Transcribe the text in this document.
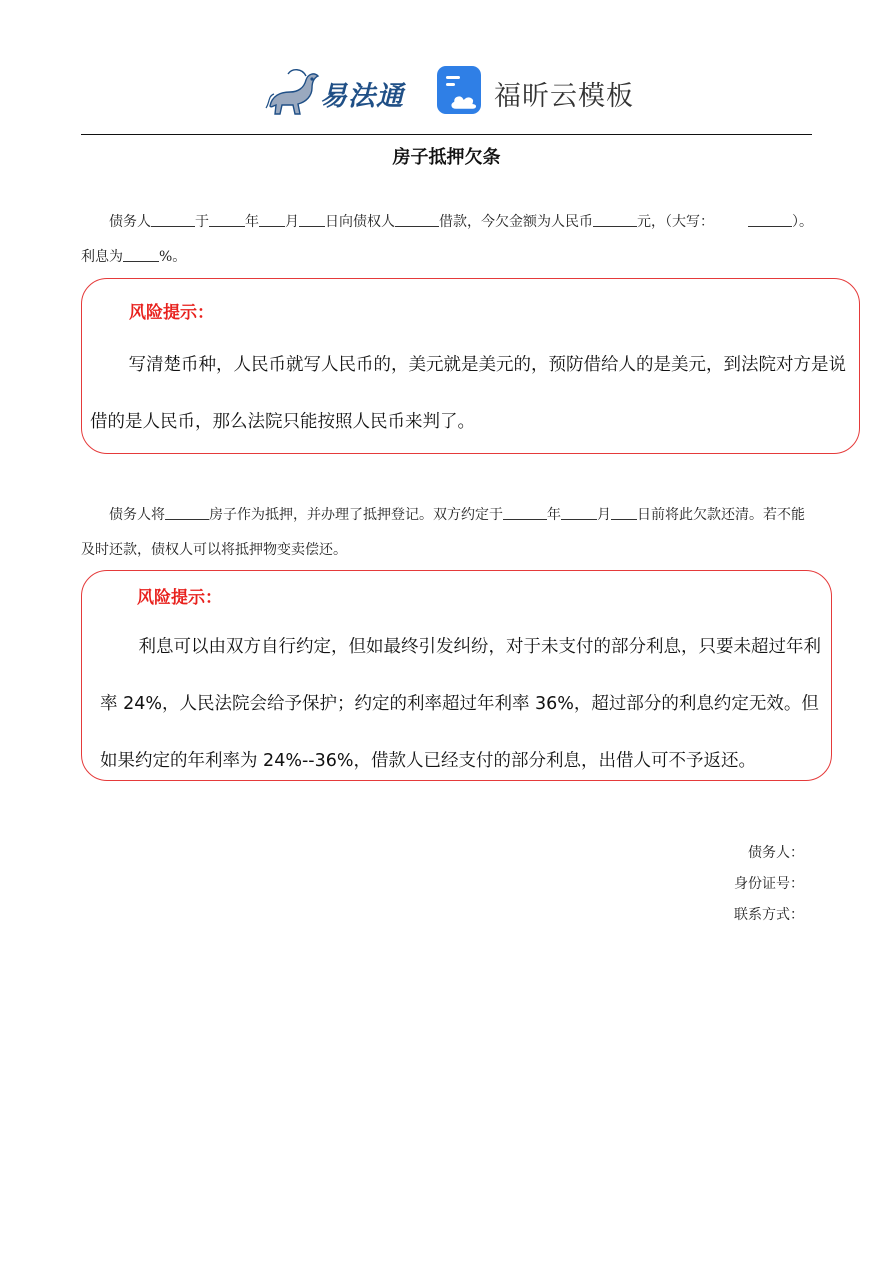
易法通	福昕云模板
房子抵押欠条
债务人	于	年 月 日向债权人	借款，今欠金额为人民币	元，（大写：	）。利息为	%。
风险提示：
写清楚币种，人民币就写人民币的，美元就是美元的，预防借给人的是美元，到法院对方是说借的是人民币，那么法院只能按照人民币来判了。
债务人将	房子作为抵押，并办理了抵押登记。双方约定于	年	月 日前将此欠款还清。若不能及时还款，债权人可以将抵押物变卖偿还。
风险提示：
利息可以由双方自行约定，但如最终引发纠纷，对于未支付的部分利息，只要未超过年利率 24%，人民法院会给予保护；约定的利率超过年利率 36%，超过部分的利息约定无效。但如果约定的年利率为 24%--36%，借款人已经支付的部分利息，出借人可不予返还。
债务人：
身份证号：
联系方式：
